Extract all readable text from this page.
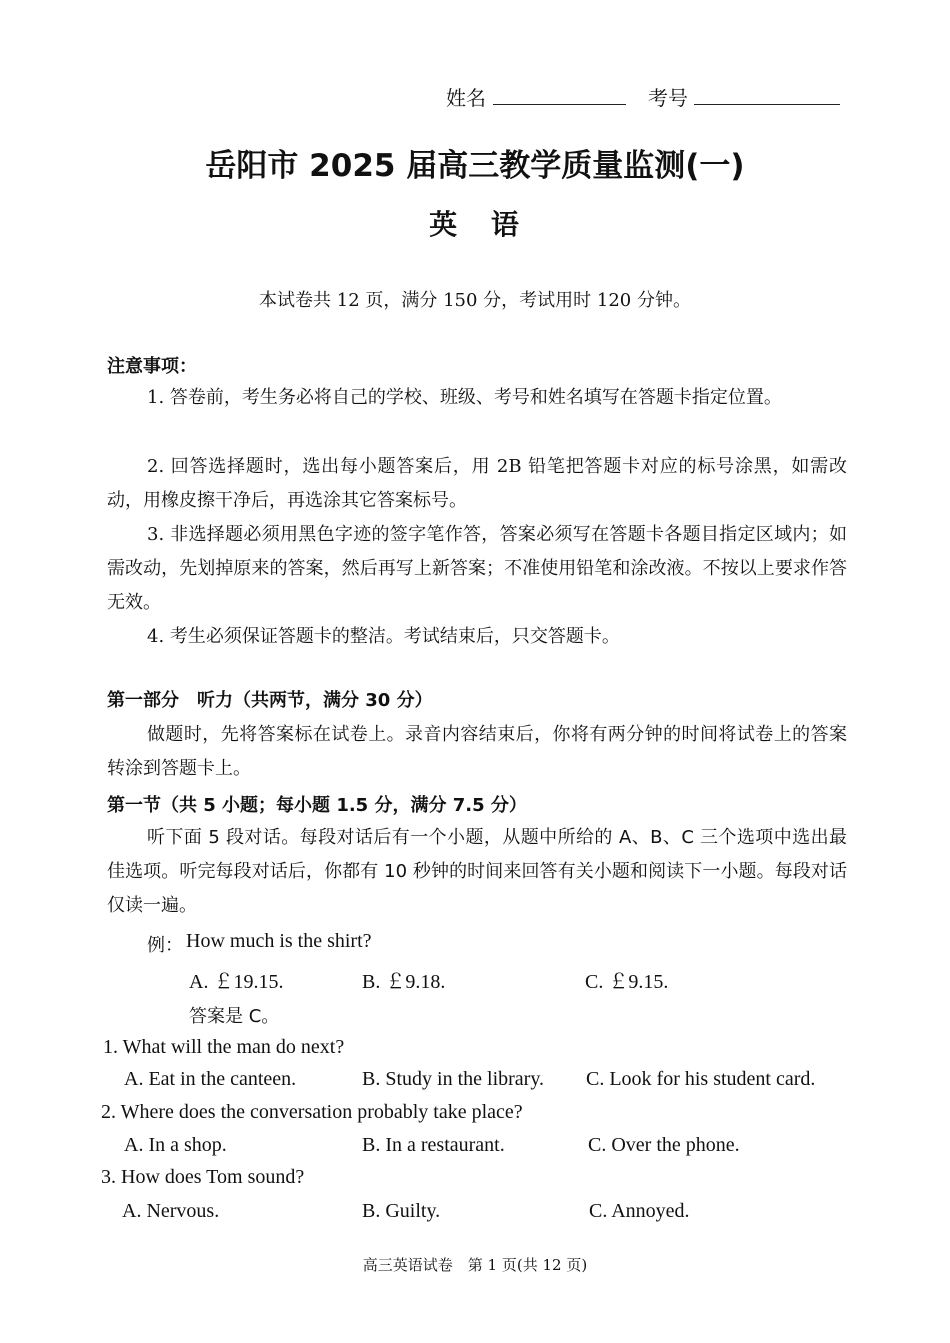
姓名	考号
岳阳市 2025 届高三教学质量监测(一)
英 语
本试卷共 12 页，满分 150 分，考试用时 120 分钟。
注意事项：
1. 答卷前，考生务必将自己的学校、班级、考号和姓名填写在答题卡指定位置。
2. 回答选择题时，选出每小题答案后，用 2B 铅笔把答题卡对应的标号涂黑，如需改动，用橡皮擦干净后，再选涂其它答案标号。
3. 非选择题必须用黑色字迹的签字笔作答，答案必须写在答题卡各题目指定区域内；如需改动，先划掉原来的答案，然后再写上新答案；不准使用铅笔和涂改液。不按以上要求作答无效。
4. 考生必须保证答题卡的整洁。考试结束后，只交答题卡。
第一部分　听力（共两节，满分 30 分）
做题时，先将答案标在试卷上。录音内容结束后，你将有两分钟的时间将试卷上的答案转涂到答题卡上。
第一节（共 5 小题；每小题 1.5 分，满分 7.5 分）
听下面 5 段对话。每段对话后有一个小题，从题中所给的 A、B、C 三个选项中选出最佳选项。听完每段对话后，你都有 10 秒钟的时间来回答有关小题和阅读下一小题。每段对话仅读一遍。
例： How much is the shirt?
A. ￡19.15.	B. ￡9.18.	C. ￡9.15.
答案是 C。
1. What will the man do next?
A. Eat in the canteen.	B. Study in the library. C. Look for his student card.
2. Where does the conversation probably take place?
A. In a shop.	B. In a restaurant.	C. Over the phone.
3. How does Tom sound?
A. Nervous.	B. Guilty.	C. Annoyed.
高三英语试卷　第 1 页(共 12 页)
